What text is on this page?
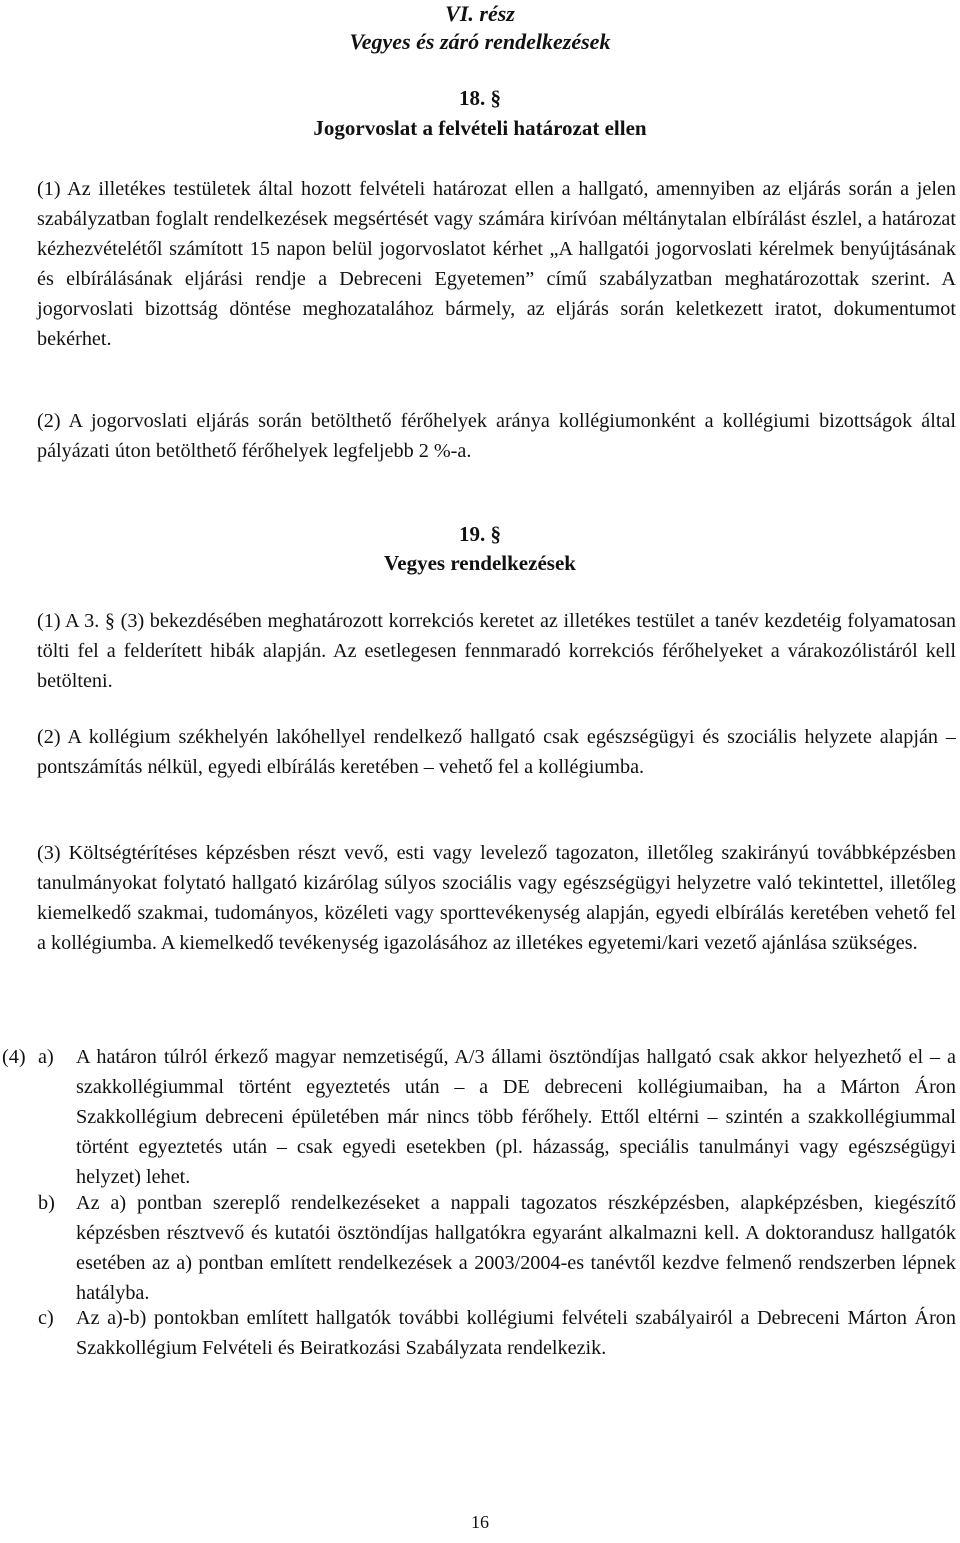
VI. rész
Vegyes és záró rendelkezések
18. §
Jogorvoslat a felvételi határozat ellen

(1) Az illetékes testületek által hozott felvételi határozat ellen a hallgató, amennyiben az eljárás során a jelen szabályzatban foglalt rendelkezések megsértését vagy számára kirívóan méltánytalan elbírálást észlel, a határozat kézhezvételétől számított 15 napon belül jogorvoslatot kérhet „A hallgatói jogorvoslati kérelmek benyújtásának és elbírálásának eljárási rendje a Debreceni Egyetemen” című szabályzatban meghatározottak szerint. A jogorvoslati bizottság döntése meghozatalához bármely, az eljárás során keletkezett iratot, dokumentumot bekérhet.

(2) A jogorvoslati eljárás során betölthető férőhelyek aránya kollégiumonként a kollégiumi bizottságok által pályázati úton betölthető férőhelyek legfeljebb 2 %-a.

19. §
Vegyes rendelkezések

(1) A 3. § (3) bekezdésében meghatározott korrekciós keretet az illetékes testület a tanév kezdetéig folyamatosan tölti fel a felderített hibák alapján. Az esetlegesen fennmaradó korrekciós férőhelyeket a várakozólistáról kell betölteni.

(2) A kollégium székhelyén lakóhellyel rendelkező hallgató csak egészségügyi és szociális helyzete alapján – pontszámítás nélkül, egyedi elbírálás keretében – vehető fel a kollégiumba.

(3) Költségtérítéses képzésben részt vevő, esti vagy levelező tagozaton, illetőleg szakirányú továbbképzésben tanulmányokat folytató hallgató kizárólag súlyos szociális vagy egészségügyi helyzetre való tekintettel, illetőleg kiemelkedő szakmai, tudományos, közéleti vagy sporttevékenység alapján, egyedi elbírálás keretében vehető fel a kollégiumba. A kiemelkedő tevékenység igazolásához az illetékes egyetemi/kari vezető ajánlása szükséges.

(4) a) A határon túlról érkező magyar nemzetiségű, A/3 állami ösztöndíjas hallgató csak akkor helyezhető el – a szakkollégiummal történt egyeztetés után – a DE debreceni kollégiumaiban, ha a Márton Áron Szakkollégium debreceni épületében már nincs több férőhely. Ettől eltérni – szintén a szakkollégiummal történt egyeztetés után – csak egyedi esetekben (pl. házasság, speciális tanulmányi vagy egészségügyi helyzet) lehet.

b) Az a) pontban szereplő rendelkezéseket a nappali tagozatos részképzésben, alapképzésben, kiegészítő képzésben résztvevő és kutatói ösztöndíjas hallgatókra egyaránt alkalmazni kell. A doktorandusz hallgatók esetében az a) pontban említett rendelkezések a 2003/2004-es tanévtől kezdve felmenő rendszerben lépnek hatályba.

c) Az a)-b) pontokban említett hallgatók további kollégiumi felvételi szabályairól a Debreceni Márton Áron Szakkollégium Felvételi és Beiratkozási Szabályzata rendelkezik.

16
